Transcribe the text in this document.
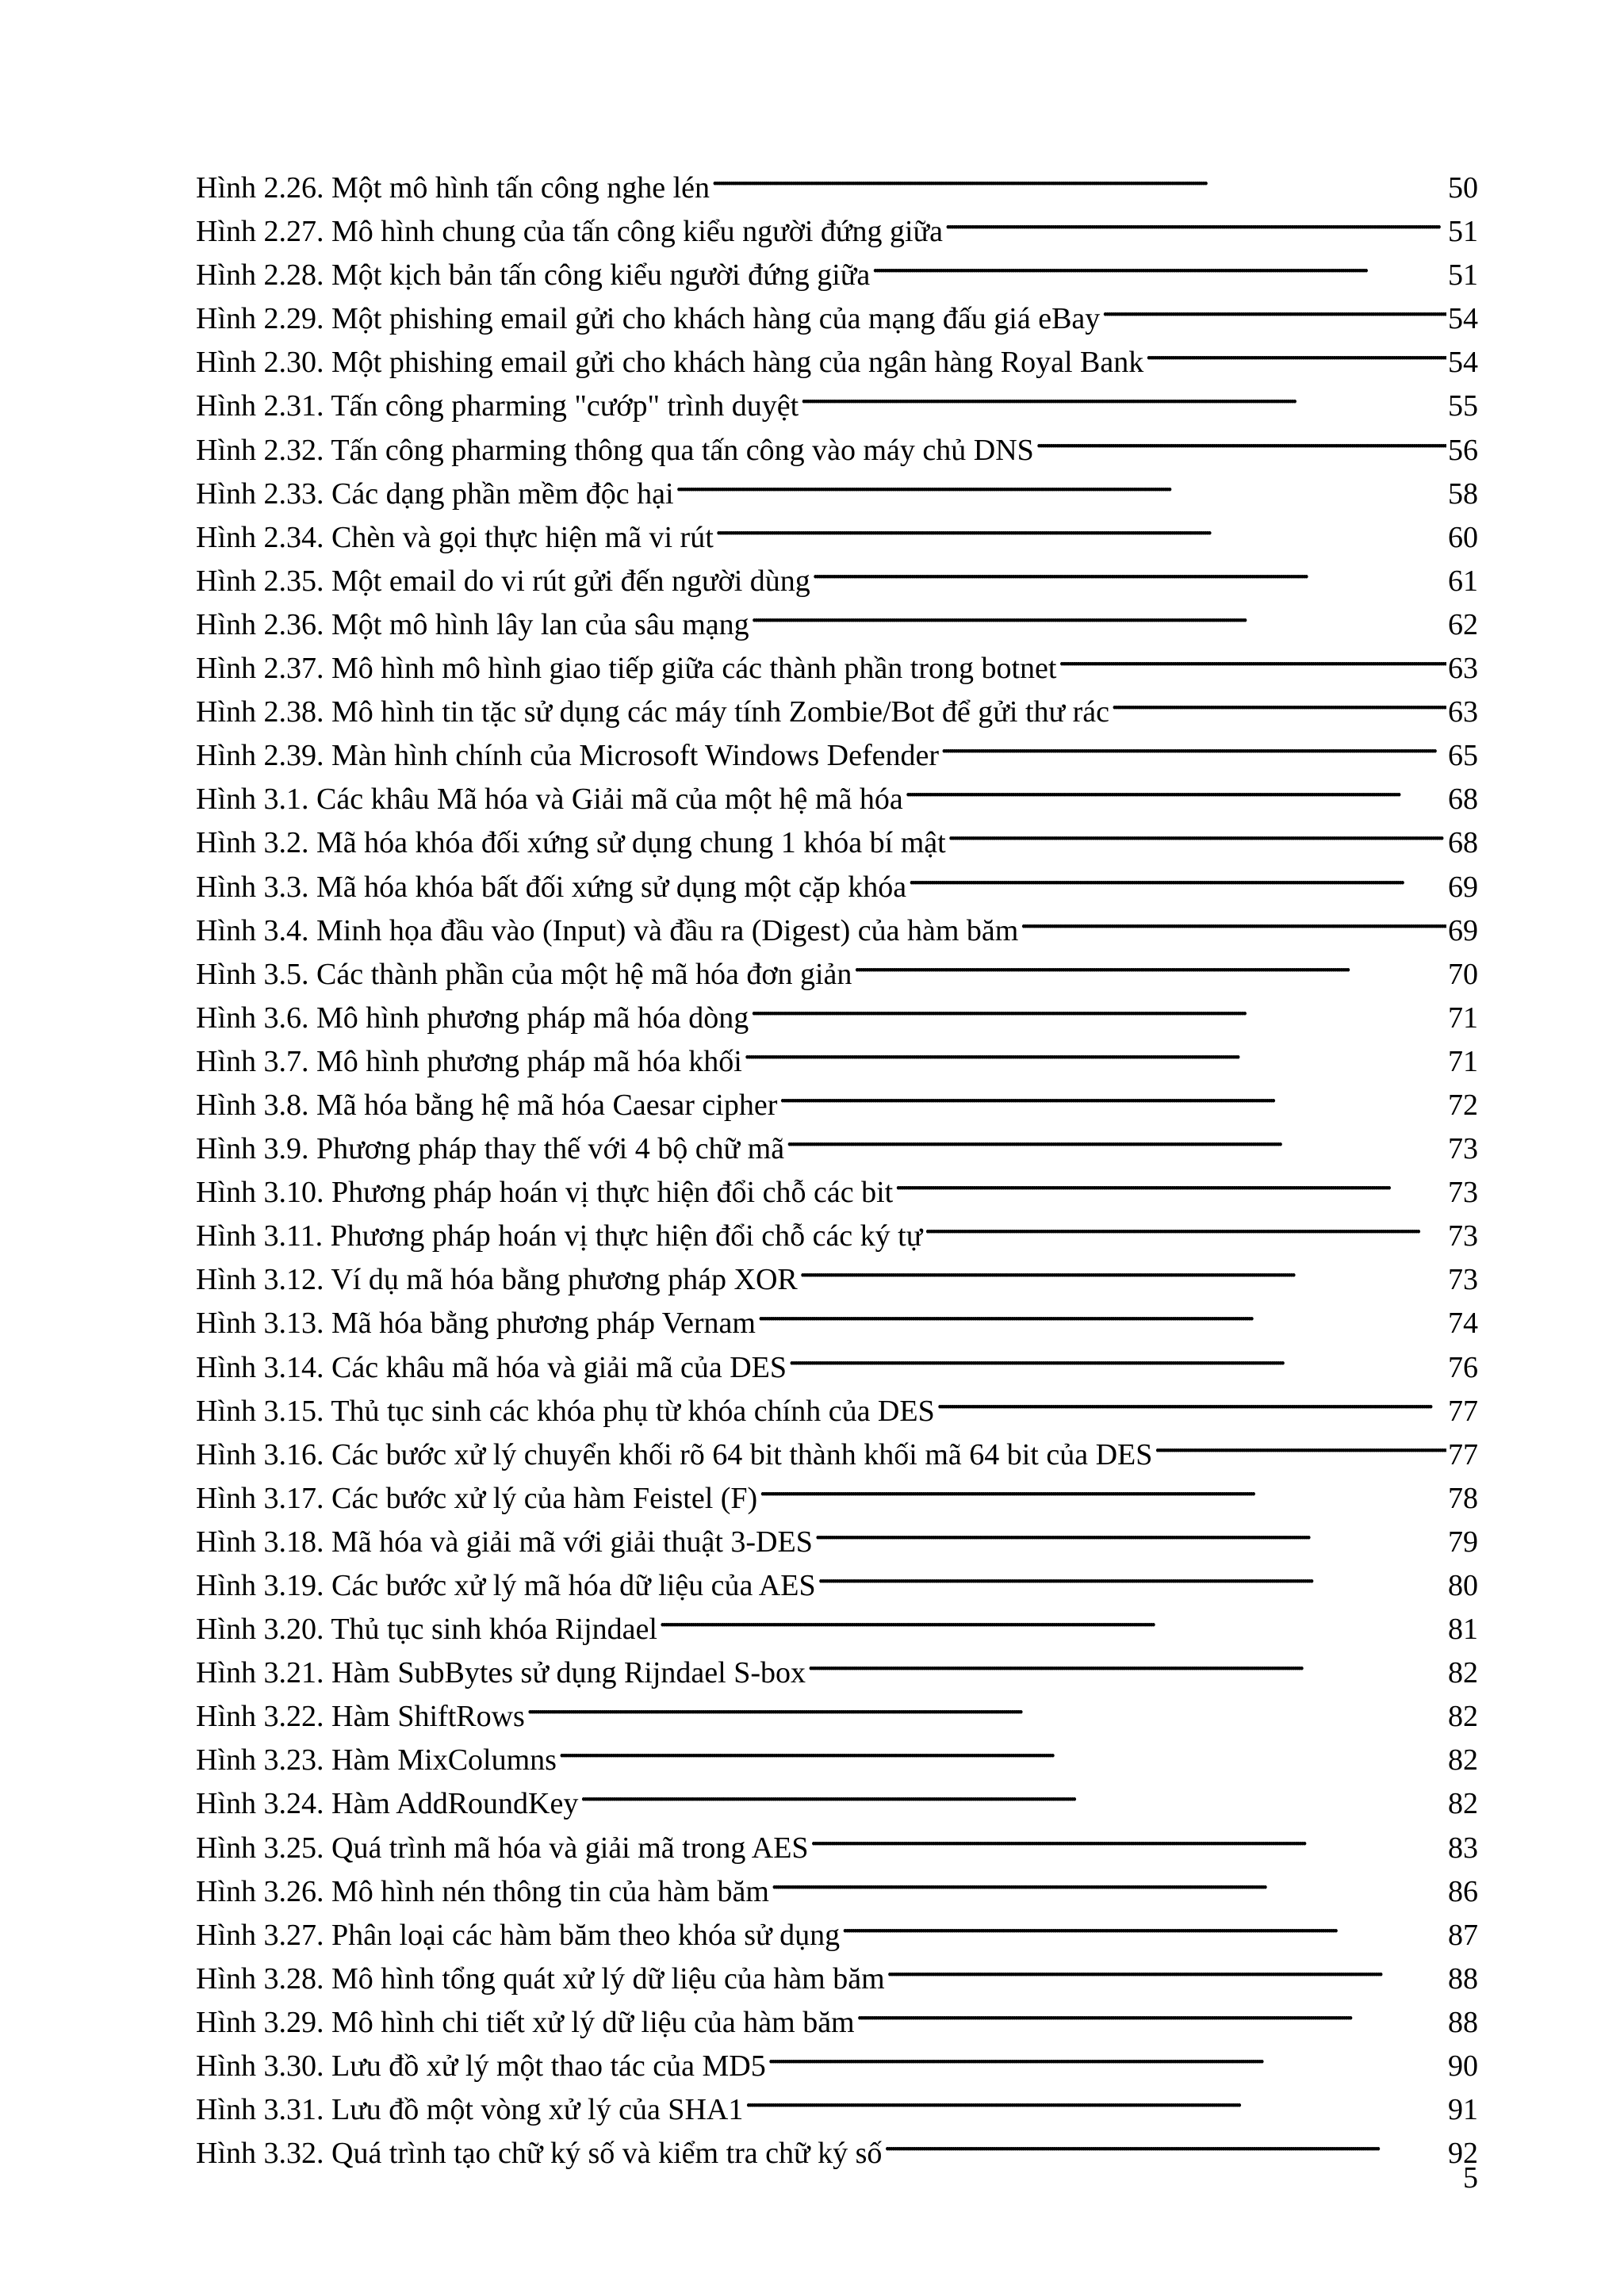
Hình 2.26. Một mô hình tấn công nghe lén . . .	50
Hình 2.27. Mô hình chung của tấn công kiểu người đứng giữa . . .	51
Hình 2.28. Một kịch bản tấn công kiểu người đứng giữa . . .	51
Hình 2.29. Một phishing email gửi cho khách hàng của mạng đấu giá eBay . . .	54
Hình 2.30. Một phishing email gửi cho khách hàng của ngân hàng Royal Bank . . .	54
Hình 2.31. Tấn công pharming "cướp" trình duyệt . . .	55
Hình 2.32. Tấn công pharming thông qua tấn công vào máy chủ DNS . . .	56
Hình 2.33. Các dạng phần mềm độc hại . . .	58
Hình 2.34. Chèn và gọi thực hiện mã vi rút . . .	60
Hình 2.35. Một email do vi rút gửi đến người dùng . . .	61
Hình 2.36. Một mô hình lây lan của sâu mạng . . .	62
Hình 2.37. Mô hình mô hình giao tiếp giữa các thành phần trong botnet . . .	63
Hình 2.38. Mô hình tin tặc sử dụng các máy tính Zombie/Bot để gửi thư rác . . .	63
Hình 2.39. Màn hình chính của Microsoft Windows Defender . . .	65
Hình 3.1. Các khâu Mã hóa và Giải mã của một hệ mã hóa . . .	68
Hình 3.2. Mã hóa khóa đối xứng sử dụng chung 1 khóa bí mật . . .	68
Hình 3.3. Mã hóa khóa bất đối xứng sử dụng một cặp khóa . . .	69
Hình 3.4. Minh họa đầu vào (Input) và đầu ra (Digest) của hàm băm . . .	69
Hình 3.5. Các thành phần của một hệ mã hóa đơn giản . . .	70
Hình 3.6. Mô hình phương pháp mã hóa dòng . . .	71
Hình 3.7. Mô hình phương pháp mã hóa khối . . .	71
Hình 3.8. Mã hóa bằng hệ mã hóa Caesar cipher . . .	72
Hình 3.9. Phương pháp thay thế với 4 bộ chữ mã . . .	73
Hình 3.10. Phương pháp hoán vị thực hiện đổi chỗ các bit . . .	73
Hình 3.11. Phương pháp hoán vị thực hiện đổi chỗ các ký tự . . .	73
Hình 3.12. Ví dụ mã hóa bằng phương pháp XOR . . .	73
Hình 3.13. Mã hóa bằng phương pháp Vernam . . .	74
Hình 3.14. Các khâu mã hóa và giải mã của DES . . .	76
Hình 3.15. Thủ tục sinh các khóa phụ từ khóa chính của DES . . .	77
Hình 3.16. Các bước xử lý chuyển khối rõ 64 bit thành khối mã 64 bit của DES . . .	77
Hình 3.17. Các bước xử lý của hàm Feistel (F) . . .	78
Hình 3.18. Mã hóa và giải mã với giải thuật 3-DES . . .	79
Hình 3.19. Các bước xử lý mã hóa dữ liệu của AES . . .	80
Hình 3.20. Thủ tục sinh khóa Rijndael . . .	81
Hình 3.21. Hàm SubBytes sử dụng Rijndael S-box . . .	82
Hình 3.22. Hàm ShiftRows . . .	82
Hình 3.23. Hàm MixColumns . . .	82
Hình 3.24. Hàm AddRoundKey . . .	82
Hình 3.25. Quá trình mã hóa và giải mã trong AES . . .	83
Hình 3.26. Mô hình nén thông tin của hàm băm . . .	86
Hình 3.27. Phân loại các hàm băm theo khóa sử dụng . . .	87
Hình 3.28. Mô hình tổng quát xử lý dữ liệu của hàm băm . . .	88
Hình 3.29. Mô hình chi tiết xử lý dữ liệu của hàm băm . . .	88
Hình 3.30. Lưu đồ xử lý một thao tác của MD5 . . .	90
Hình 3.31. Lưu đồ một vòng xử lý của SHA1 . . .	91
Hình 3.32. Quá trình tạo chữ ký số và kiểm tra chữ ký số . . .	92
5
